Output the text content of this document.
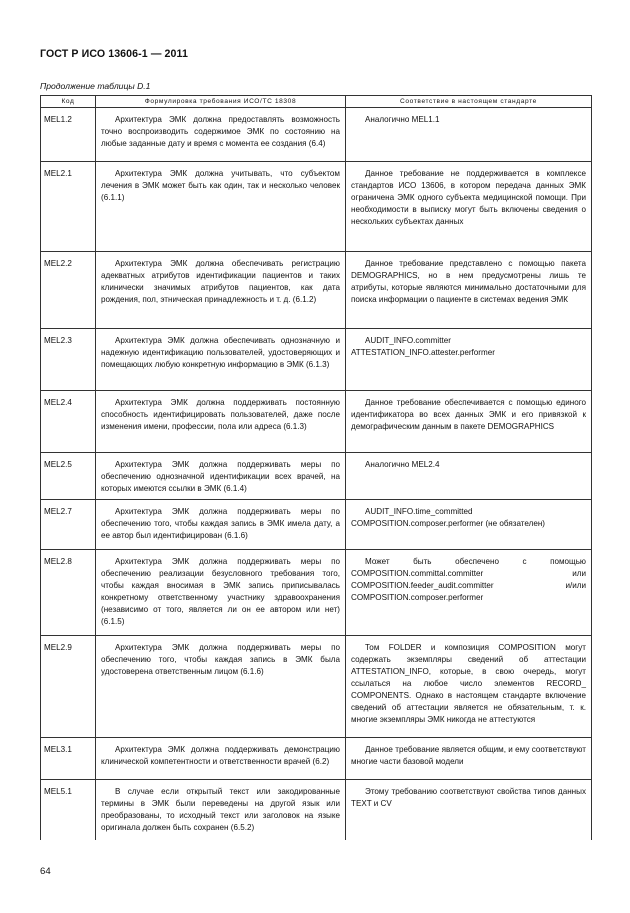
ГОСТ Р ИСО 13606-1 — 2011
Продолжение таблицы D.1
Код	Формулировка требования ИСО/ТС 18308	Соответствие в настоящем стандарте
MEL1.2	Архитектура ЭМК должна предоставлять возможность точно воспроизводить содержимое ЭМК по состоянию на любые заданные дату и время с момента ее создания (6.4)	Аналогично MEL1.1
MEL2.1	Архитектура ЭМК должна учитывать, что субъектом лечения в ЭМК может быть как один, так и несколько человек (6.1.1)	Данное требование не поддерживается в комплексе стандартов ИСО 13606, в котором передача данных ЭМК ограничена ЭМК одного субъекта медицинской помощи. При необходимости в выписку могут быть включены сведения о нескольких субъектах данных
MEL2.2	Архитектура ЭМК должна обеспечивать регистрацию адекватных атрибутов идентификации пациентов и таких клинически значимых атрибутов пациентов, как дата рождения, пол, этническая принадлежность и т. д. (6.1.2)	Данное требование представлено с помощью пакета DEMOGRAPHICS, но в нем предусмотрены лишь те атрибуты, которые являются минимально достаточными для поиска информации о пациенте в системах ведения ЭМК
MEL2.3	Архитектура ЭМК должна обеспечивать однозначную и надежную идентификацию пользователей, удостоверяющих и помещающих любую конкретную информацию в ЭМК (6.1.3)	AUDIT_INFO.committer ATTESTATION_INFO.attester.performer
MEL2.4	Архитектура ЭМК должна поддерживать постоянную способность идентифицировать пользователей, даже после изменения имени, профессии, пола или адреса (6.1.3)	Данное требование обеспечивается с помощью единого идентификатора во всех данных ЭМК и его привязкой к демографическим данным в пакете DEMOGRAPHICS
MEL2.5	Архитектура ЭМК должна поддерживать меры по обеспечению однозначной идентификации всех врачей, на которых имеются ссылки в ЭМК (6.1.4)	Аналогично MEL2.4
MEL2.7	Архитектура ЭМК должна поддерживать меры по обеспечению того, чтобы каждая запись в ЭМК имела дату, а ее автор был идентифицирован (6.1.6)	AUDIT_INFO.time_committed COMPOSITION.composer.performer (не обязателен)
MEL2.8	Архитектура ЭМК должна поддерживать меры по обеспечению реализации безусловного требования того, чтобы каждая вносимая в ЭМК запись приписывалась конкретному ответственному участнику здравоохранения (независимо от того, является ли он ее автором или нет) (6.1.5)	Может быть обеспечено с помощью COMPOSITION.committal.committer или COMPOSITION.feeder_audit.committer и/или COMPOSITION.composer.performer
MEL2.9	Архитектура ЭМК должна поддерживать меры по обеспечению того, чтобы каждая запись в ЭМК была удостоверена ответственным лицом (6.1.6)	Том FOLDER и композиция COMPOSITION могут содержать экземпляры сведений об аттестации ATTESTATION_INFO, которые, в свою очередь, могут ссылаться на любое число элементов RECORD_ COMPONENTS. Однако в настоящем стандарте включение сведений об аттестации является не обязательным, т. к. многие экземпляры ЭМК никогда не аттестуются
MEL3.1	Архитектура ЭМК должна поддерживать демонстрацию клинической компетентности и ответственности врачей (6.2)	Данное требование является общим, и ему соответствуют многие части базовой модели
MEL5.1	В случае если открытый текст или закодированные термины в ЭМК были переведены на другой язык или преобразованы, то исходный текст или заголовок на языке оригинала должен быть сохранен (6.5.2)	Этому требованию соответствуют свойства типов данных TEXT и CV
64
